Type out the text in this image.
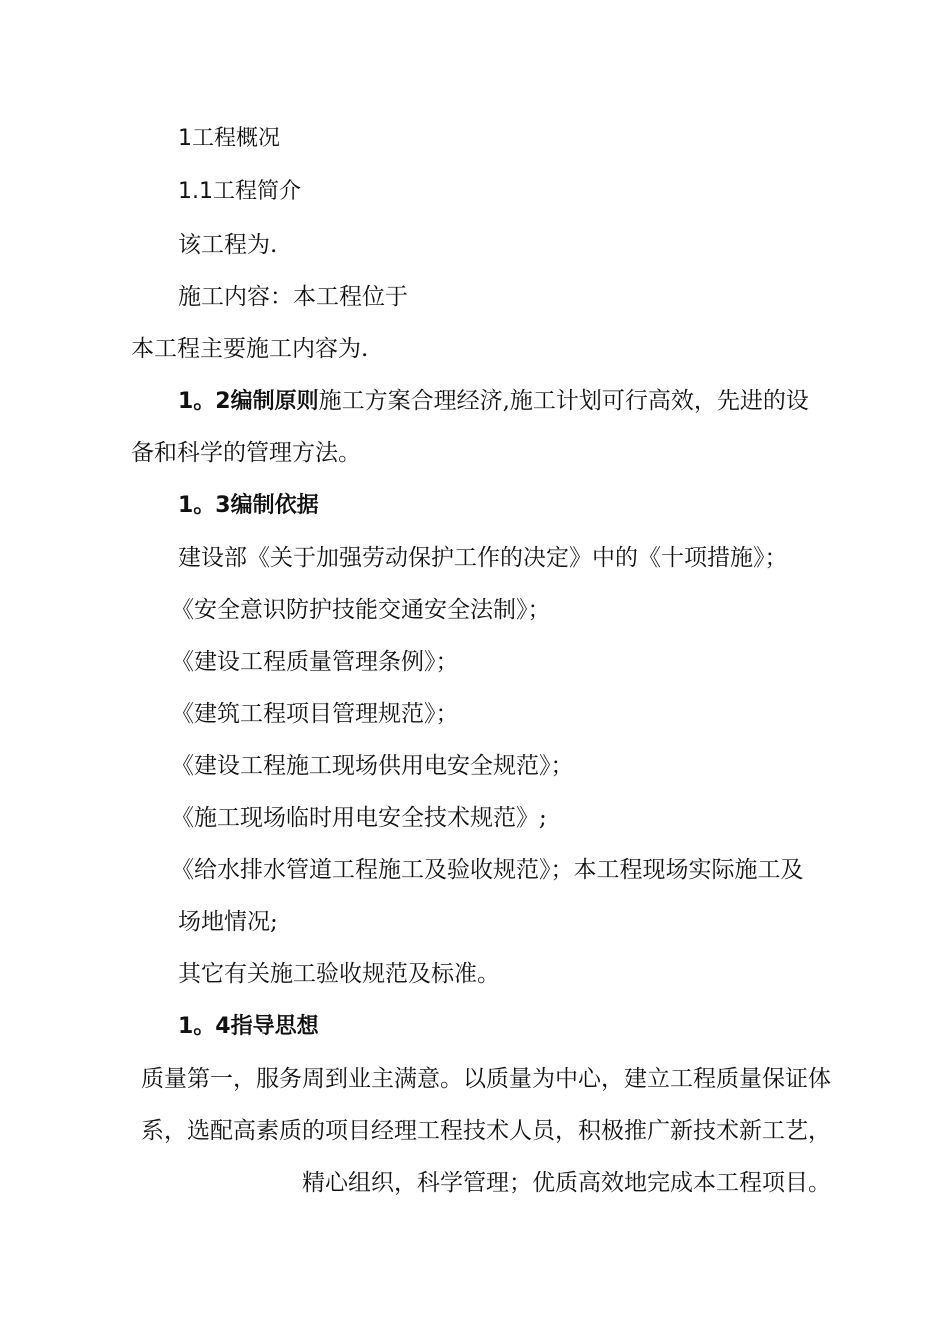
1工程概况
1.1工程简介
该工程为.
施工内容：本工程位于
本工程主要施工内容为.
1。2编制原则施工方案合理经济,施工计划可行高效，先进的设
备和科学的管理方法。
1。3编制依据
建设部《关于加强劳动保护工作的决定》中的《十项措施》；
《安全意识防护技能交通安全法制》；
《建设工程质量管理条例》；
《建筑工程项目管理规范》；
《建设工程施工现场供用电安全规范》；
《施工现场临时用电安全技术规范》;
《给水排水管道工程施工及验收规范》；本工程现场实际施工及
场地情况;
其它有关施工验收规范及标准。
1。4指导思想
质量第一，服务周到业主满意。以质量为中心，建立工程质量保证体
系，选配高素质的项目经理工程技术人员，积极推广新技术新工艺，
精心组织，科学管理；优质高效地完成本工程项目。
